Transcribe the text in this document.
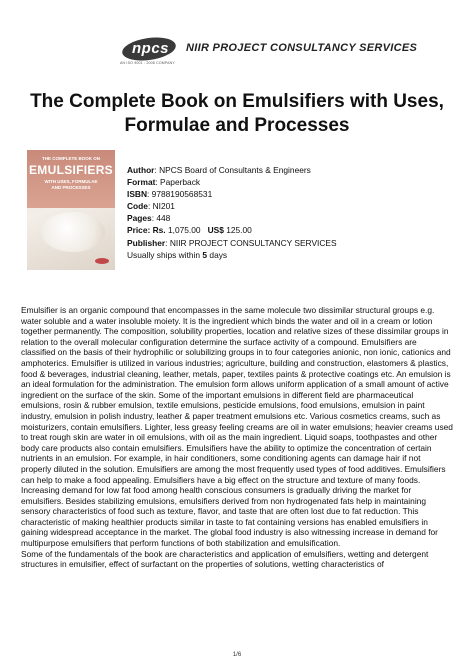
npcs
AN ISO 9001 : 2008 COMPANY
NIIR PROJECT CONSULTANCY SERVICES
The Complete Book on Emulsifiers with Uses, Formulae and Processes
THE COMPLETE BOOK ON
EMULSIFIERS
WITH USES, FORMULAE
AND PROCESSES
Author: NPCS Board of Consultants & Engineers
Format: Paperback
ISBN: 9788190568531
Code: NI201
Pages: 448
Price: Rs. 1,075.00 US$ 125.00
Publisher: NIIR PROJECT CONSULTANCY SERVICES
Usually ships within 5 days

Emulsifier is an organic compound that encompasses in the same molecule two dissimilar structural groups e.g. water soluble and a water insoluble moiety. It is the ingredient which binds the water and oil in a cream or lotion together permanently. The composition, solubility properties, location and relative sizes of these dissimilar groups in relation to the overall molecular configuration determine the surface activity of a compound. Emulsifiers are classified on the basis of their hydrophilic or solubilizing groups in to four categories anionic, non ionic, cationics and amphoterics. Emulsifier is utilized in various industries; agriculture, building and construction, elastomers & plastics, food & beverages, industrial cleaning, leather, metals, paper, textiles paints & protective coatings etc. An emulsion is an ideal formulation for the administration. The emulsion form allows uniform application of a small amount of active ingredient on the surface of the skin. Some of the important emulsions in different field are pharmaceutical emulsions, rosin & rubber emulsion, textile emulsions, pesticide emulsions, food emulsions, emulsion in paint industry, emulsion in polish industry, leather & paper treatment emulsions etc. Various cosmetics creams, such as moisturizers, contain emulsifiers. Lighter, less greasy feeling creams are oil in water emulsions; heavier creams used to treat rough skin are water in oil emulsions, with oil as the main ingredient. Liquid soaps, toothpastes and other body care products also contain emulsifiers. Emulsifiers have the ability to optimize the concentration of certain nutrients in an emulsion. For example, in hair conditioners, some conditioning agents can damage hair if not properly diluted in the solution. Emulsifiers are among the most frequently used types of food additives. Emulsifiers can help to make a food appealing. Emulsifiers have a big effect on the structure and texture of many foods. Increasing demand for low fat food among health conscious consumers is gradually driving the market for emulsifiers. Besides stabilizing emulsions, emulsifiers derived from non hydrogenated fats help in maintaining sensory characteristics of food such as texture, flavor, and taste that are often lost due to fat reduction. This characteristic of making healthier products similar in taste to fat containing versions has enabled emulsifiers in gaining widespread acceptance in the market. The global food industry is also witnessing increase in demand for multipurpose emulsifiers that perform functions of both stabilization and emulsification.

Some of the fundamentals of the book are characteristics and application of emulsifiers, wetting and detergent structures in emulsifier, effect of surfactant on the properties of solutions, wetting characteristics of

1/6
